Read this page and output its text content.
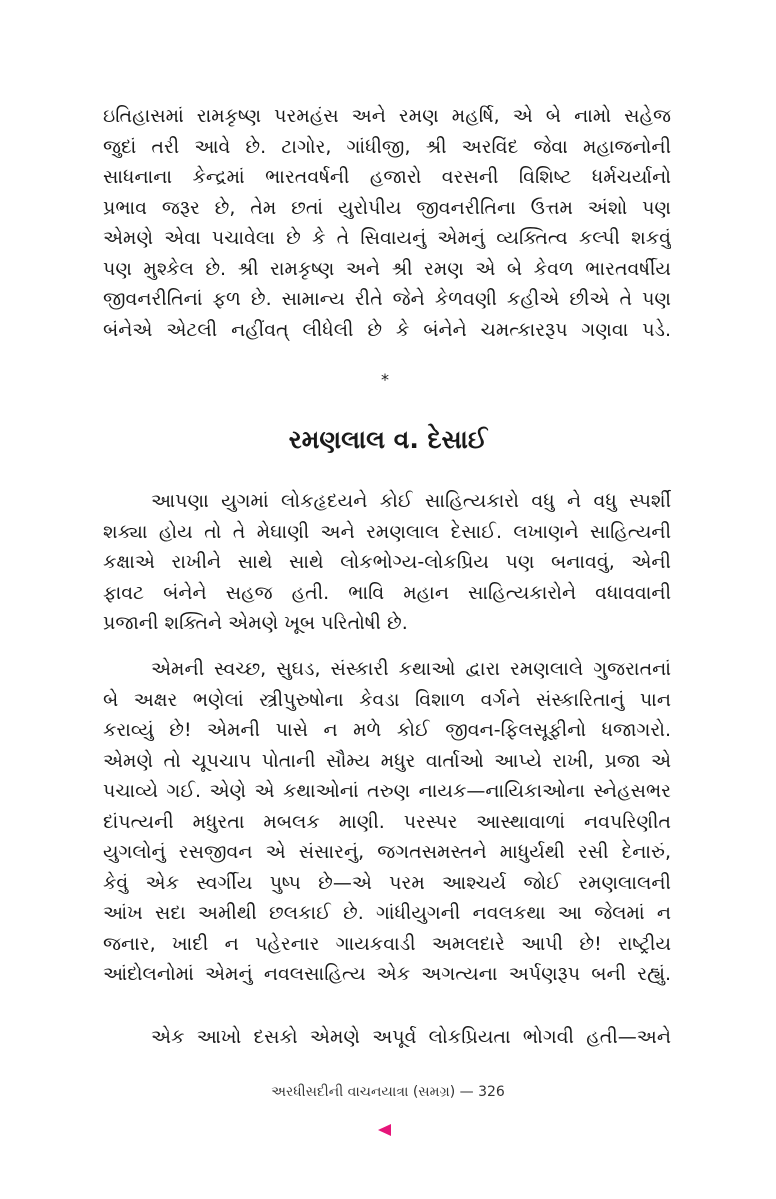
ઇતિહાસમાં રામકૃષ્ણ પરમહંસ અને રમણ મહર્ષિ, એ બે નામો સહેજ
જુદાં તરી આવે છે. ટાગોર, ગાંધીજી, શ્રી અરવિંદ જેવા મહાજનોની
સાધનાના કેન્દ્રમાં ભારતવર્ષની હજારો વરસની વિશિષ્ટ ધર્મચર્યાનો
પ્રભાવ જરૂર છે, તેમ છતાં યુરોપીય જીવનરીતિના ઉત્તમ અંશો પણ
એમણે એવા પચાવેલા છે કે તે સિવાયનું એમનું વ્યક્તિત્વ કલ્પી શકવું
પણ મુશ્કેલ છે. શ્રી રામકૃષ્ણ અને શ્રી રમણ એ બે કેવળ ભારતવર્ષીય
જીવનરીતિનાં ફળ છે. સામાન્ય રીતે જેને કેળવણી કહીએ છીએ તે પણ
બંનેએ એટલી નહીંવત્ લીધેલી છે કે બંનેને ચમત્કારરૂપ ગણવા પડે.
*
રમણલાલ વ. દેસાઈ
આપણા યુગમાં લોકહૃદયને કોઈ સાહિત્યકારો વધુ ને વધુ સ્પર્શી
શક્યા હોય તો તે મેઘાણી અને રમણલાલ દેસાઈ. લખાણને સાહિત્યની
કક્ષાએ રાખીને સાથે સાથે લોકભોગ્ય-લોકપ્રિય પણ બનાવવું, એની
ફાવટ બંનેને સહજ હતી. ભાવિ મહાન સાહિત્યકારોને વધાવવાની
પ્રજાની શક્તિને એમણે ખૂબ પરિતોષી છે.
એમની સ્વચ્છ, સુઘડ, સંસ્કારી કથાઓ દ્વારા રમણલાલે ગુજરાતનાં
બે અક્ષર ભણેલાં સ્ત્રીપુરુષોના કેવડા વિશાળ વર્ગને સંસ્કારિતાનું પાન
કરાવ્યું છે! એમની પાસે ન મળે કોઈ જીવન-ફિલસૂફીનો ધજાગરો.
એમણે તો ચૂપચાપ પોતાની સૌમ્ય મધુર વાર્તાઓ આપ્યે રાખી, પ્રજા એ
પચાવ્યે ગઈ. એણે એ કથાઓનાં તરુણ નાયક—નાયિકાઓના સ્નેહસભર
દાંપત્યની મધુરતા મબલક માણી. પરસ્પર આસ્થાવાળાં નવપરિણીત
યુગલોનું રસજીવન એ સંસારનું, જગતસમસ્તને માધુર્યથી રસી દેનારું,
કેવું એક સ્વર્ગીય પુષ્પ છે—એ પરમ આશ્ચર્ય જોઈ રમણલાલની
આંખ સદા અમીથી છલકાઈ છે. ગાંધીયુગની નવલકથા આ જેલમાં ન
જનાર, ખાદી ન પહેરનાર ગાયકવાડી અમલદારે આપી છે! રાષ્ટ્રીય
આંદોલનોમાં એમનું નવલસાહિત્ય એક અગત્યના અર્પણરૂપ બની રહ્યું.
એક આખો દસકો એમણે અપૂર્વ લોકપ્રિયતા ભોગવી હતી—અને
અરધીસદીની વાચનયાત્રા (સમગ્ર) — 326
